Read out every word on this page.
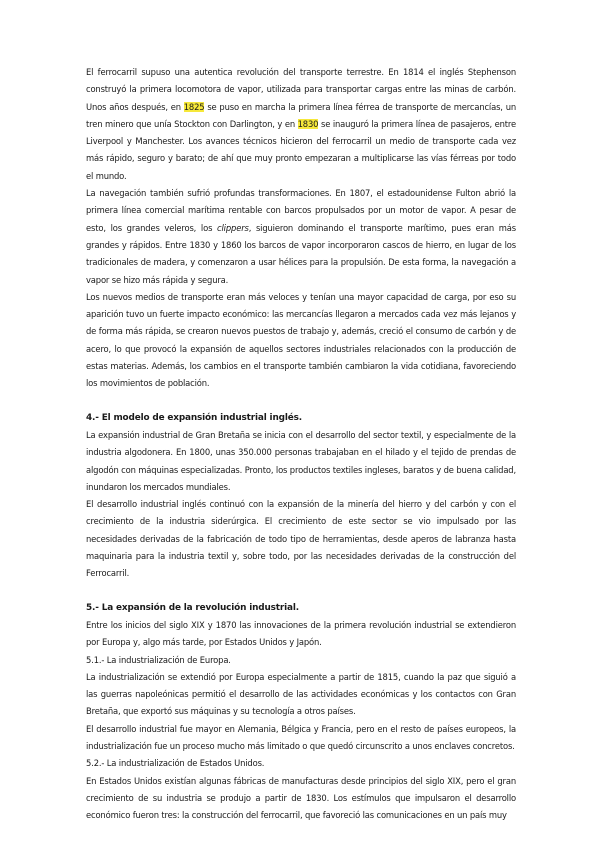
El ferrocarril supuso una autentica revolución del transporte terrestre. En 1814 el inglés Stephenson construyó la primera locomotora de vapor, utilizada para transportar cargas entre las minas de carbón. Unos años después, en 1825 se puso en marcha la primera línea férrea de transporte de mercancías, un tren minero que unía Stockton con Darlington, y en 1830 se inauguró la primera línea de pasajeros, entre Liverpool y Manchester. Los avances técnicos hicieron del ferrocarril un medio de transporte cada vez más rápido, seguro y barato; de ahí que muy pronto empezaran a multiplicarse las vías férreas por todo el mundo.

La navegación también sufrió profundas transformaciones. En 1807, el estadounidense Fulton abrió la primera línea comercial marítima rentable con barcos propulsados por un motor de vapor. A pesar de esto, los grandes veleros, los clippers, siguieron dominando el transporte marítimo, pues eran más grandes y rápidos. Entre 1830 y 1860 los barcos de vapor incorporaron cascos de hierro, en lugar de los tradicionales de madera, y comenzaron a usar hélices para la propulsión. De esta forma, la navegación a vapor se hizo más rápida y segura.

Los nuevos medios de transporte eran más veloces y tenían una mayor capacidad de carga, por eso su aparición tuvo un fuerte impacto económico: las mercancías llegaron a mercados cada vez más lejanos y de forma más rápida, se crearon nuevos puestos de trabajo y, además, creció el consumo de carbón y de acero, lo que provocó la expansión de aquellos sectores industriales relacionados con la producción de estas materias. Además, los cambios en el transporte también cambiaron la vida cotidiana, favoreciendo los movimientos de población.

4.- El modelo de expansión industrial inglés.

La expansión industrial de Gran Bretaña se inicia con el desarrollo del sector textil, y especialmente de la industria algodonera. En 1800, unas 350.000 personas trabajaban en el hilado y el tejido de prendas de algodón con máquinas especializadas. Pronto, los productos textiles ingleses, baratos y de buena calidad, inundaron los mercados mundiales.

El desarrollo industrial inglés continuó con la expansión de la minería del hierro y del carbón y con el crecimiento de la industria siderúrgica. El crecimiento de este sector se vio impulsado por las necesidades derivadas de la fabricación de todo tipo de herramientas, desde aperos de labranza hasta maquinaria para la industria textil y, sobre todo, por las necesidades derivadas de la construcción del Ferrocarril.

5.- La expansión de la revolución industrial.

Entre los inicios del siglo XIX y 1870 las innovaciones de la primera revolución industrial se extendieron por Europa y, algo más tarde, por Estados Unidos y Japón.

5.1.- La industrialización de Europa.

La industrialización se extendió por Europa especialmente a partir de 1815, cuando la paz que siguió a las guerras napoleónicas permitió el desarrollo de las actividades económicas y los contactos con Gran Bretaña, que exportó sus máquinas y su tecnología a otros países.

El desarrollo industrial fue mayor en Alemania, Bélgica y Francia, pero en el resto de países europeos, la industrialización fue un proceso mucho más limitado o que quedó circunscrito a unos enclaves concretos.

5.2.- La industrialización de Estados Unidos.

En Estados Unidos existían algunas fábricas de manufacturas desde principios del siglo XIX, pero el gran crecimiento de su industria se produjo a partir de 1830. Los estímulos que impulsaron el desarrollo económico fueron tres: la construcción del ferrocarril, que favoreció las comunicaciones en un país muy
